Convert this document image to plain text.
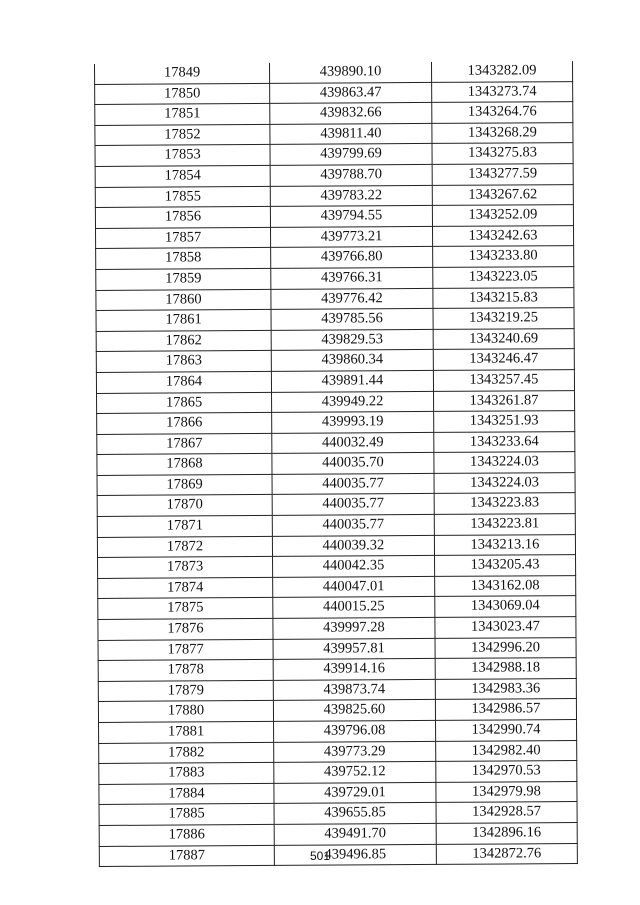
17849	439890.10	1343282.09
17850	439863.47	1343273.74
17851	439832.66	1343264.76
17852	439811.40	1343268.29
17853	439799.69	1343275.83
17854	439788.70	1343277.59
17855	439783.22	1343267.62
17856	439794.55	1343252.09
17857	439773.21	1343242.63
17858	439766.80	1343233.80
17859	439766.31	1343223.05
17860	439776.42	1343215.83
17861	439785.56	1343219.25
17862	439829.53	1343240.69
17863	439860.34	1343246.47
17864	439891.44	1343257.45
17865	439949.22	1343261.87
17866	439993.19	1343251.93
17867	440032.49	1343233.64
17868	440035.70	1343224.03
17869	440035.77	1343224.03
17870	440035.77	1343223.83
17871	440035.77	1343223.81
17872	440039.32	1343213.16
17873	440042.35	1343205.43
17874	440047.01	1343162.08
17875	440015.25	1343069.04
17876	439997.28	1343023.47
17877	439957.81	1342996.20
17878	439914.16	1342988.18
17879	439873.74	1342983.36
17880	439825.60	1342986.57
17881	439796.08	1342990.74
17882	439773.29	1342982.40
17883	439752.12	1342970.53
17884	439729.01	1342979.98
17885	439655.85	1342928.57
17886	439491.70	1342896.16
17887	439496.85	1342872.76
501
